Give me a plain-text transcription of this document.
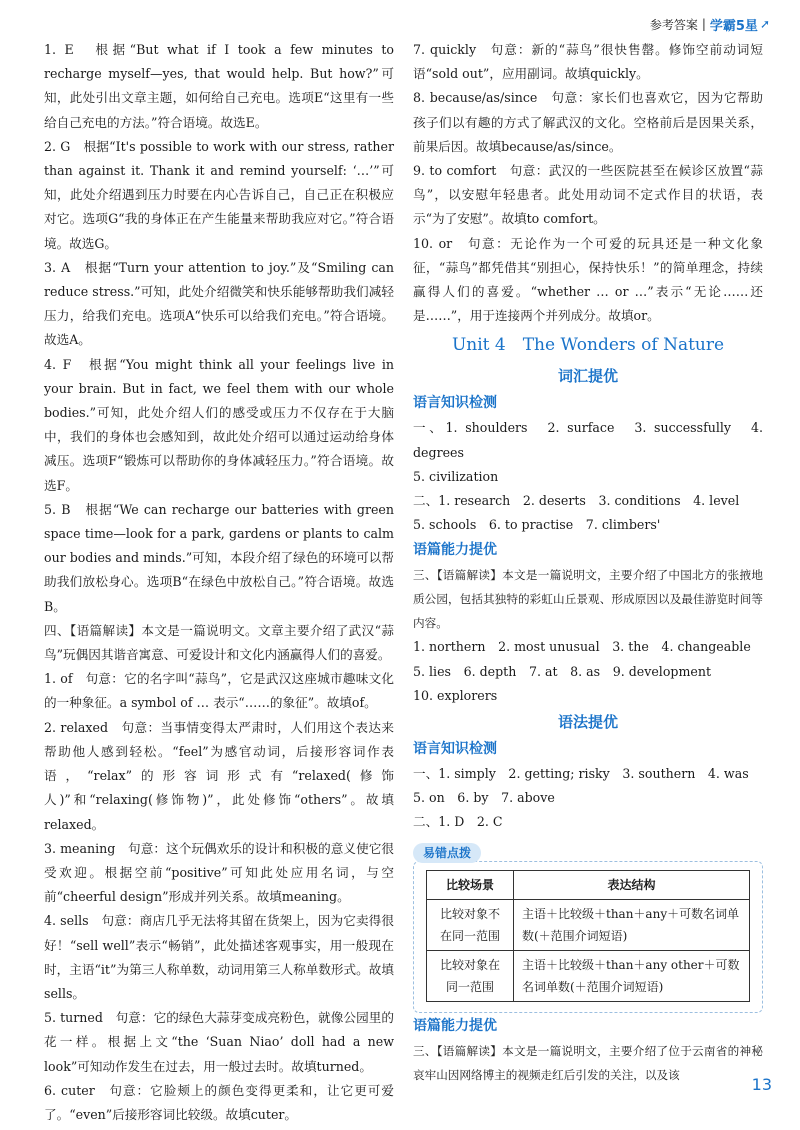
参考答案 | 学霸5星 ➚

1. E　根据“But what if I took a few minutes to recharge myself—yes, that would help. But how?”可知，此处引出文章主题，如何给自己充电。选项E“这里有一些给自己充电的方法。”符合语境。故选E。

2. G　根据“It's possible to work with our stress, rather than against it. Thank it and remind yourself: ‘…’”可知，此处介绍遇到压力时要在内心告诉自己，自己正在积极应对它。选项G“我的身体正在产生能量来帮助我应对它。”符合语境。故选G。

3. A　根据“Turn your attention to joy.”及“Smiling can reduce stress.”可知，此处介绍微笑和快乐能够帮助我们减轻压力，给我们充电。选项A“快乐可以给我们充电。”符合语境。故选A。

4. F　根据“You might think all your feelings live in your brain. But in fact, we feel them with our whole bodies.”可知，此处介绍人们的感受或压力不仅存在于大脑中，我们的身体也会感知到，故此处介绍可以通过运动给身体减压。选项F“锻炼可以帮助你的身体减轻压力。”符合语境。故选F。

5. B　根据“We can recharge our batteries with green space time—look for a park, gardens or plants to calm our bodies and minds.”可知，本段介绍了绿色的环境可以帮助我们放松身心。选项B“在绿色中放松自己。”符合语境。故选B。

四、【语篇解读】本文是一篇说明文。文章主要介绍了武汉“蒜鸟”玩偶因其谐音寓意、可爱设计和文化内涵赢得人们的喜爱。

1. of　句意：它的名字叫“蒜鸟”，它是武汉这座城市趣味文化的一种象征。a symbol of … 表示“……的象征”。故填of。

2. relaxed　句意：当事情变得太严肃时，人们用这个表达来帮助他人感到轻松。“feel”为感官动词，后接形容词作表语，“relax”的形容词形式有“relaxed(修饰人)”和“relaxing(修饰物)”，此处修饰“others”。故填relaxed。

3. meaning　句意：这个玩偶欢乐的设计和积极的意义使它很受欢迎。根据空前“positive”可知此处应用名词，与空前“cheerful design”形成并列关系。故填meaning。

4. sells　句意：商店几乎无法将其留在货架上，因为它卖得很好！“sell well”表示“畅销”，此处描述客观事实，用一般现在时，主语“it”为第三人称单数，动词用第三人称单数形式。故填sells。

5. turned　句意：它的绿色大蒜芽变成亮粉色，就像公园里的花一样。根据上文“the ‘Suan Niao’ doll had a new look”可知动作发生在过去，用一般过去时。故填turned。

6. cuter　句意：它脸颊上的颜色变得更柔和，让它更可爱了。“even”后接形容词比较级。故填cuter。

7. quickly　句意：新的“蒜鸟”很快售罄。修饰空前动词短语“sold out”，应用副词。故填quickly。

8. because/as/since　句意：家长们也喜欢它，因为它帮助孩子们以有趣的方式了解武汉的文化。空格前后是因果关系，前果后因。故填because/as/since。

9. to comfort　句意：武汉的一些医院甚至在候诊区放置“蒜鸟”，以安慰年轻患者。此处用动词不定式作目的状语，表示“为了安慰”。故填to comfort。

10. or　句意：无论作为一个可爱的玩具还是一种文化象征，“蒜鸟”都凭借其“别担心，保持快乐！”的简单理念，持续赢得人们的喜爱。“whether … or …”表示“无论……还是……”，用于连接两个并列成分。故填or。

Unit 4　The Wonders of Nature
词汇提优
语言知识检测

一、1. shoulders　2. surface　3. successfully　4. degrees

5. civilization

二、1. research　2. deserts　3. conditions　4. level

5. schools　6. to practise　7. climbers'

语篇能力提优

三、【语篇解读】本文是一篇说明文，主要介绍了中国北方的张掖地质公园，包括其独特的彩虹山丘景观、形成原因以及最佳游览时间等内容。

1. northern　2. most unusual　3. the　4. changeable

5. lies　6. depth　7. at　8. as　9. development

10. explorers

语法提优
语言知识检测

一、1. simply　2. getting; risky　3. southern　4. was

5. on　6. by　7. above

二、1. D　2. C

易错点拨
比较场景	表达结构
比较对象不在同一范围	主语＋比较级＋than＋any＋可数名词单数(＋范围介词短语)
比较对象在同一范围	主语＋比较级＋than＋any other＋可数名词单数(＋范围介词短语)
语篇能力提优

三、【语篇解读】本文是一篇说明文，主要介绍了位于云南省的神秘哀牢山因网络博主的视频走红后引发的关注，以及该

13
